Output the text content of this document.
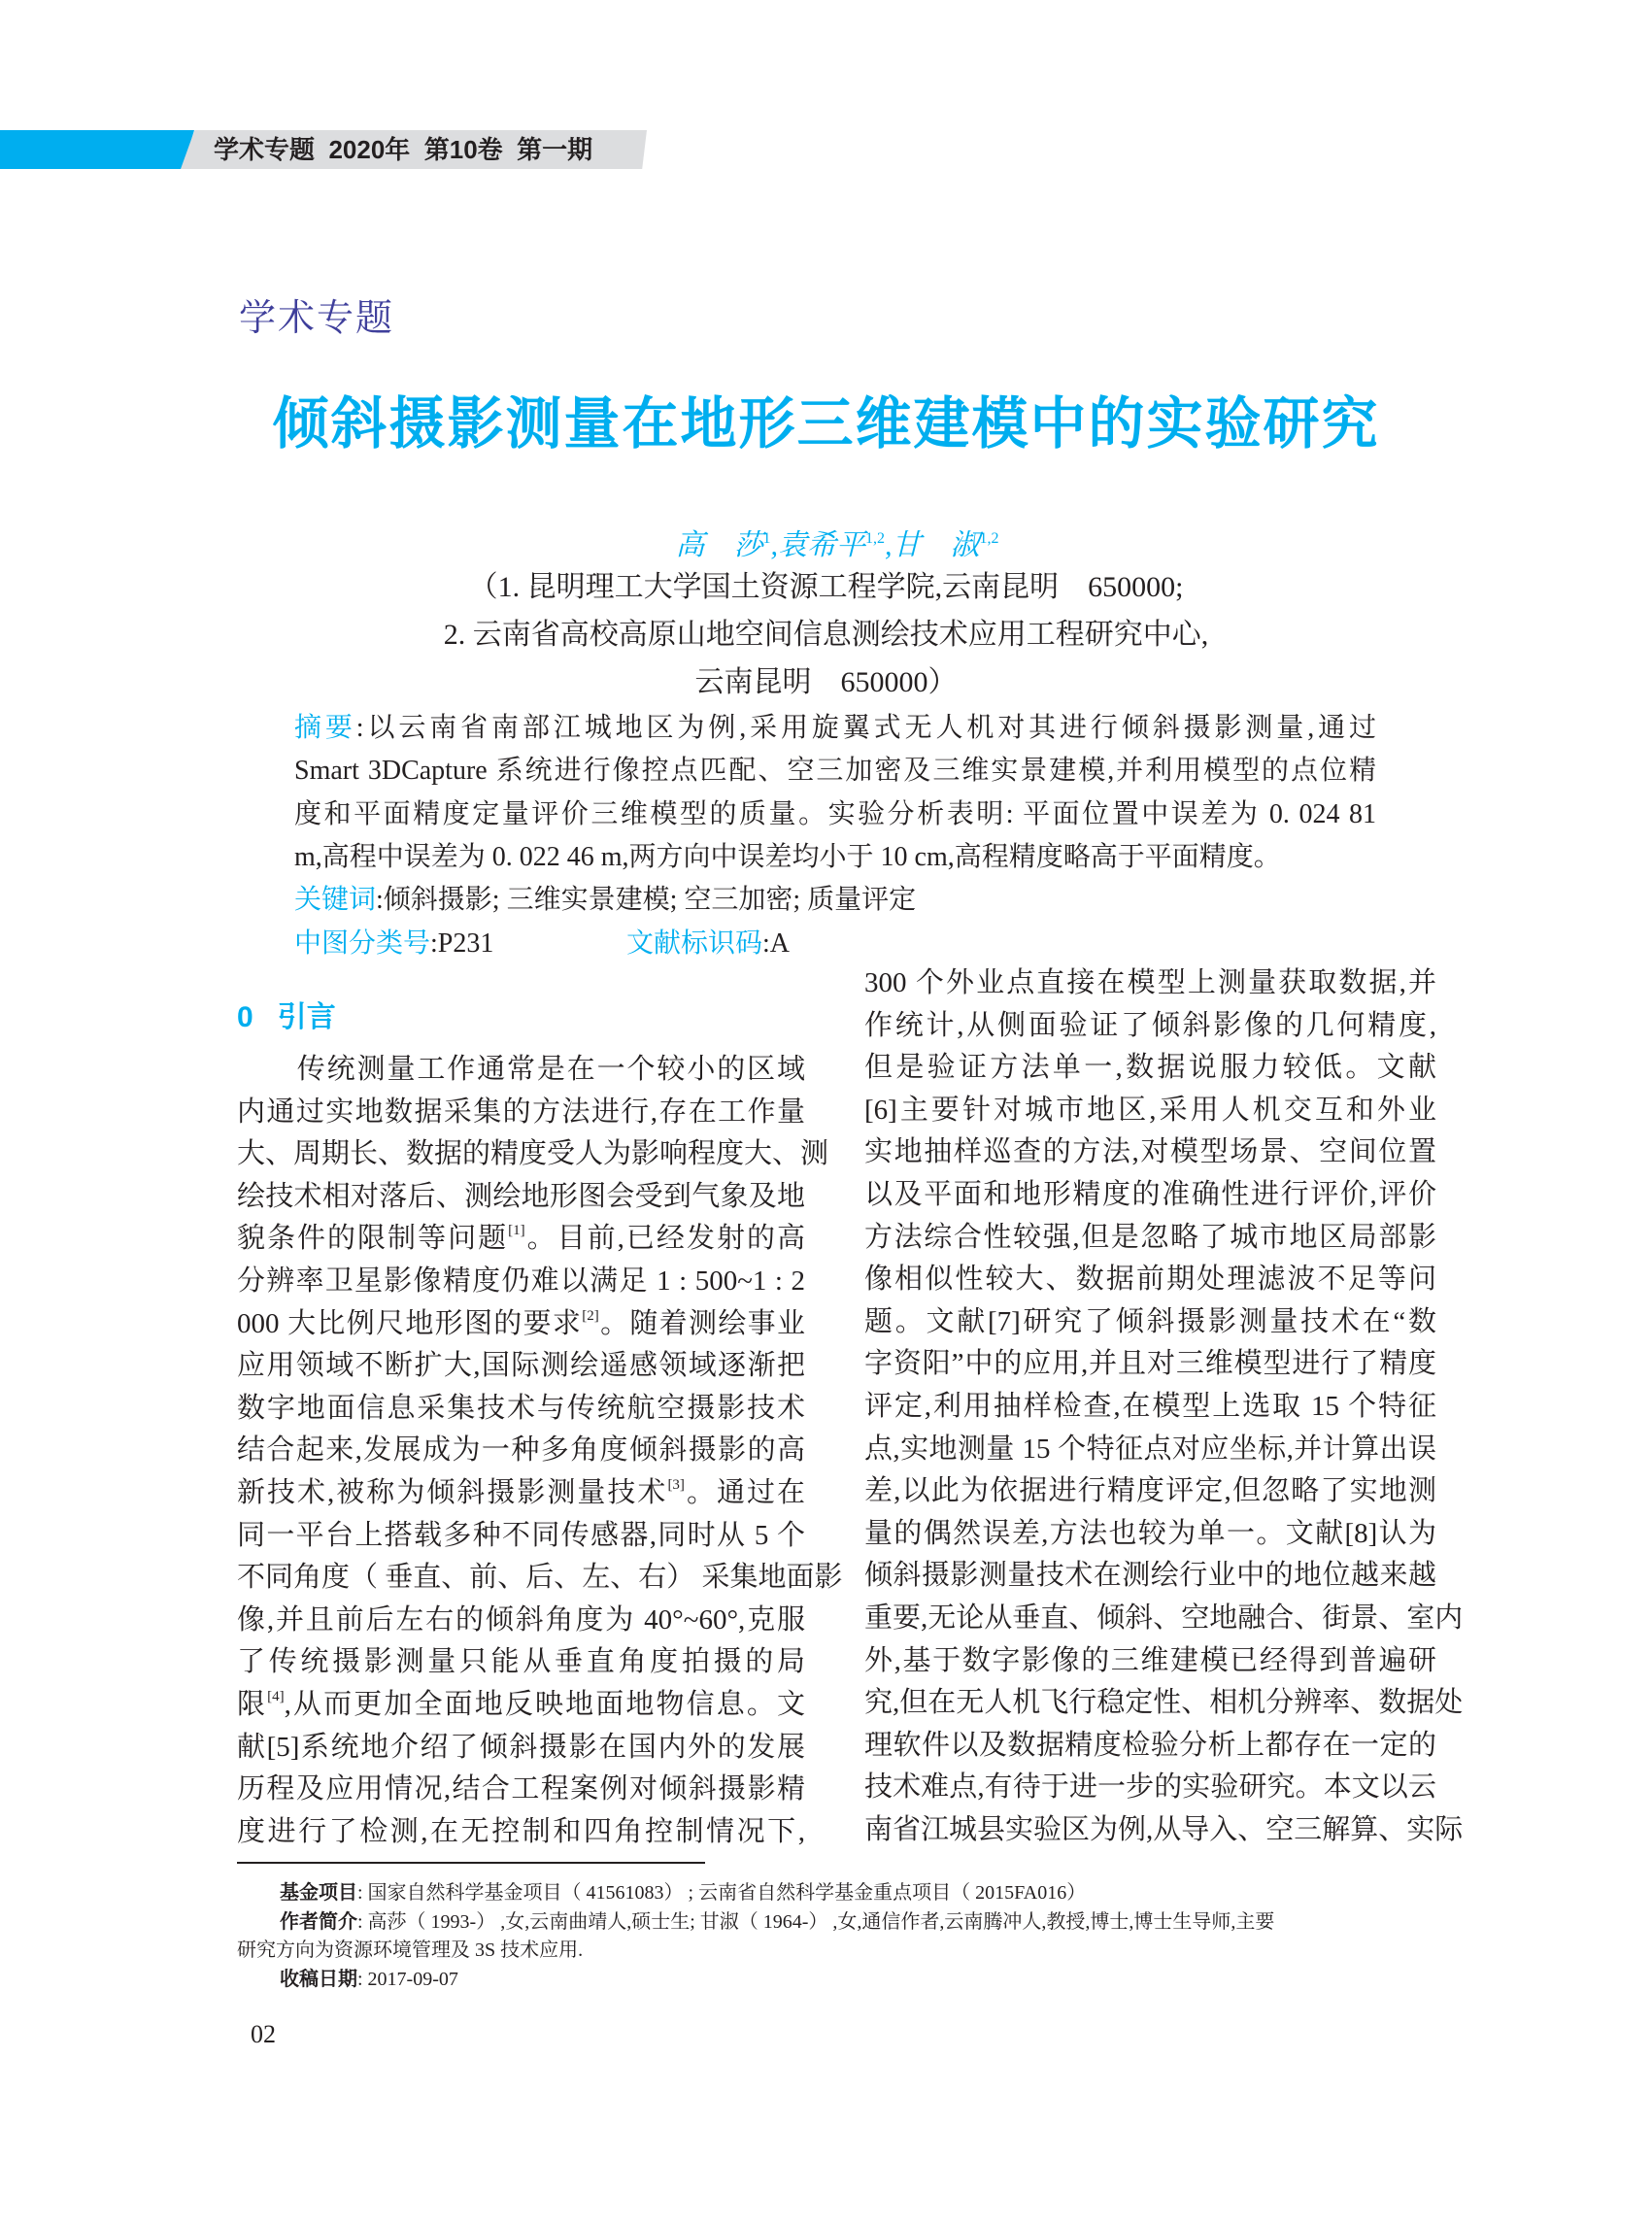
学术专题  2020年  第10卷  第一期
学术专题
倾斜摄影测量在地形三维建模中的实验研究
高　莎$^1$,袁希平$^{1,2}$,甘　淑$^{1,2}$
（1. 昆明理工大学国土资源工程学院,云南昆明　650000;
2. 云南省高校高原山地空间信息测绘技术应用工程研究中心,
云南昆明　650000）
摘要:以云南省南部江城地区为例,采用旋翼式无人机对其进行倾斜摄影测量,通过
Smart 3DCapture 系统进行像控点匹配、空三加密及三维实景建模,并利用模型的点位精
度和平面精度定量评价三维模型的质量。实验分析表明: 平面位置中误差为 0. 024 81
m,高程中误差为 0. 022 46 m,两方向中误差均小于 10 cm,高程精度略高于平面精度。
关键词:倾斜摄影; 三维实景建模; 空三加密; 质量评定
中图分类号:P231	文献标识码:A
0 引言
　　传统测量工作通常是在一个较小的区域
内通过实地数据采集的方法进行,存在工作量
大、周期长、数据的精度受人为影响程度大、测
绘技术相对落后、测绘地形图会受到气象及地
貌条件的限制等问题[1]。目前,已经发射的高
分辨率卫星影像精度仍难以满足 1 : 500~1 : 2
000 大比例尺地形图的要求[2]。随着测绘事业
应用领域不断扩大,国际测绘遥感领域逐渐把
数字地面信息采集技术与传统航空摄影技术
结合起来,发展成为一种多角度倾斜摄影的高
新技术,被称为倾斜摄影测量技术[3]。通过在
同一平台上搭载多种不同传感器,同时从 5 个
不同角度（ 垂直、前、后、左、右） 采集地面影
像,并且前后左右的倾斜角度为 40°~60°,克服
了传统摄影测量只能从垂直角度拍摄的局
限[4],从而更加全面地反映地面地物信息。文
献[5]系统地介绍了倾斜摄影在国内外的发展
历程及应用情况,结合工程案例对倾斜摄影精
度进行了检测,在无控制和四角控制情况下,
300 个外业点直接在模型上测量获取数据,并
作统计,从侧面验证了倾斜影像的几何精度,
但是验证方法单一,数据说服力较低。文献
[6]主要针对城市地区,采用人机交互和外业
实地抽样巡查的方法,对模型场景、空间位置
以及平面和地形精度的准确性进行评价,评价
方法综合性较强,但是忽略了城市地区局部影
像相似性较大、数据前期处理滤波不足等问
题。文献[7]研究了倾斜摄影测量技术在“数
字资阳”中的应用,并且对三维模型进行了精度
评定,利用抽样检查,在模型上选取 15 个特征
点,实地测量 15 个特征点对应坐标,并计算出误
差,以此为依据进行精度评定,但忽略了实地测
量的偶然误差,方法也较为单一。文献[8]认为
倾斜摄影测量技术在测绘行业中的地位越来越
重要,无论从垂直、倾斜、空地融合、街景、室内
外,基于数字影像的三维建模已经得到普遍研
究,但在无人机飞行稳定性、相机分辨率、数据处
理软件以及数据精度检验分析上都存在一定的
技术难点,有待于进一步的实验研究。本文以云
南省江城县实验区为例,从导入、空三解算、实际
基金项目: 国家自然科学基金项目（ 41561083） ; 云南省自然科学基金重点项目（ 2015FA016）
作者简介: 高莎（ 1993-） ,女,云南曲靖人,硕士生; 甘淑（ 1964-） ,女,通信作者,云南腾冲人,教授,博士,博士生导师,主要
研究方向为资源环境管理及 3S 技术应用.
收稿日期: 2017-09-07
02
